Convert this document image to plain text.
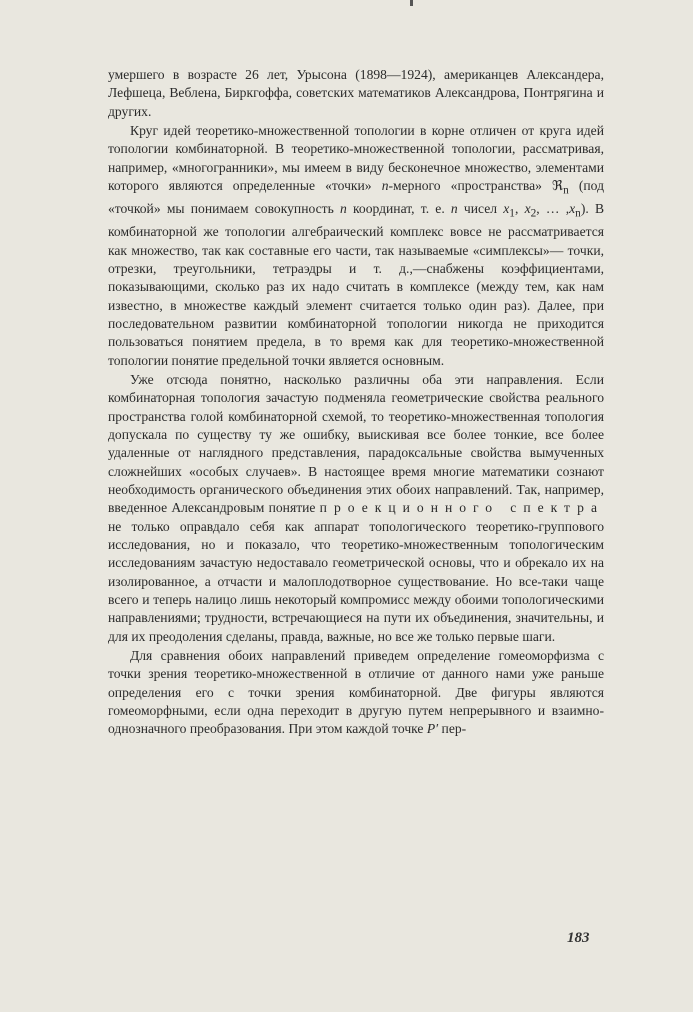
умершего в возрасте 26 лет, Урысона (1898—1924), американцев Александера, Лефшеца, Веблена, Биркгоффа, советских математиков Александрова, Понтрягина и других.

Круг идей теоретико-множественной топологии в корне отличен от круга идей топологии комбинаторной. В теоретико-множественной топологии, рассматривая, например, «многогранники», мы имеем в виду бесконечное множество, элементами которого являются определенные «точки» n-мерного «пространства» ℜ$_n$ (под «точкой» мы понимаем совокупность n координат, т. е. n чисел $x_1$, $x_2$, … $,x_n$). В комбинаторной же топологии алгебраический комплекс вовсе не рассматривается как множество, так как составные его части, так называемые «симплексы»— точки, отрезки, треугольники, тетраэдры и т. д.,—снабжены коэффициентами, показывающими, сколько раз их надо считать в комплексе (между тем, как нам известно, в множестве каждый элемент считается только один раз). Далее, при последовательном развитии комбинаторной топологии никогда не приходится пользоваться понятием предела, в то время как для теоретико-множественной топологии понятие предельной точки является основным.

Уже отсюда понятно, насколько различны оба эти направления. Если комбинаторная топология зачастую подменяла геометрические свойства реального пространства голой комбинаторной схемой, то теоретико-множественная топология допускала по существу ту же ошибку, выискивая все более тонкие, все более удаленные от наглядного представления, парадоксальные свойства вымученных сложнейших «особых случаев». В настоящее время многие математики сознают необходимость органического объединения этих обоих направлений. Так, например, введенное Александровым понятие проекционного спектра не только оправдало себя как аппарат топологического теоретико-группового исследования, но и показало, что теоретико-множественным топологическим исследованиям зачастую недоставало геометрической основы, что и обрекало их на изолированное, а отчасти и малоплодотворное существование. Но все-таки чаще всего и теперь налицо лишь некоторый компромисс между обоими топологическими направлениями; трудности, встречающиеся на пути их объединения, значительны, и для их преодоления сделаны, правда, важные, но все же только первые шаги.

Для сравнения обоих направлений приведем определение гомеоморфизма с точки зрения теоретико-множественной в отличие от данного нами уже раньше определения его с точки зрения комбинаторной. Две фигуры являются гомеоморфными, если одна переходит в другую путем непрерывного и взаимно-однозначного преобразования. При этом каждой точке P′ пер-

183
